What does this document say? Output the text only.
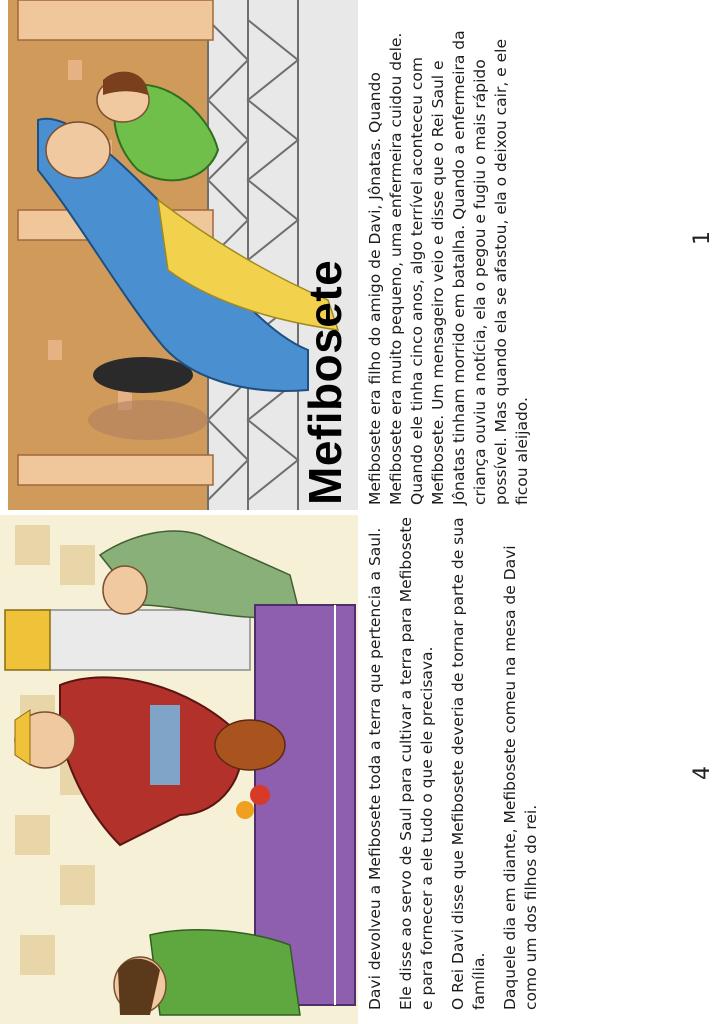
Mefibosete Mefibosete era filho do amigo de Davi, Jônatas. Quando Mefibosete era muito pequeno, uma enfermeira cuidou dele. Quando ele tinha cinco anos, algo terrível aconteceu com Mefibosete. Um mensageiro veio e disse que o Rei Saul e Jônatas tinham morrido em batalha. Quando a enfermeira da criança ouviu a notícia, ela o pegou e fugiu o mais rápido possível. Mas quando ela se afastou, ela o deixou cair, e ele ficou aleijado.

1

Davi devolveu a Mefibosete toda a terra que pertencia a Saul. Ele disse ao servo de Saul para cultivar a terra para Mefibosete e para fornecer a ele tudo o que ele precisava. O Rei Davi disse que Mefibosete deveria de tornar parte de sua família. Daquele dia em diante, Mefibosete comeu na mesa de Davi como um dos filhos do rei.

4
